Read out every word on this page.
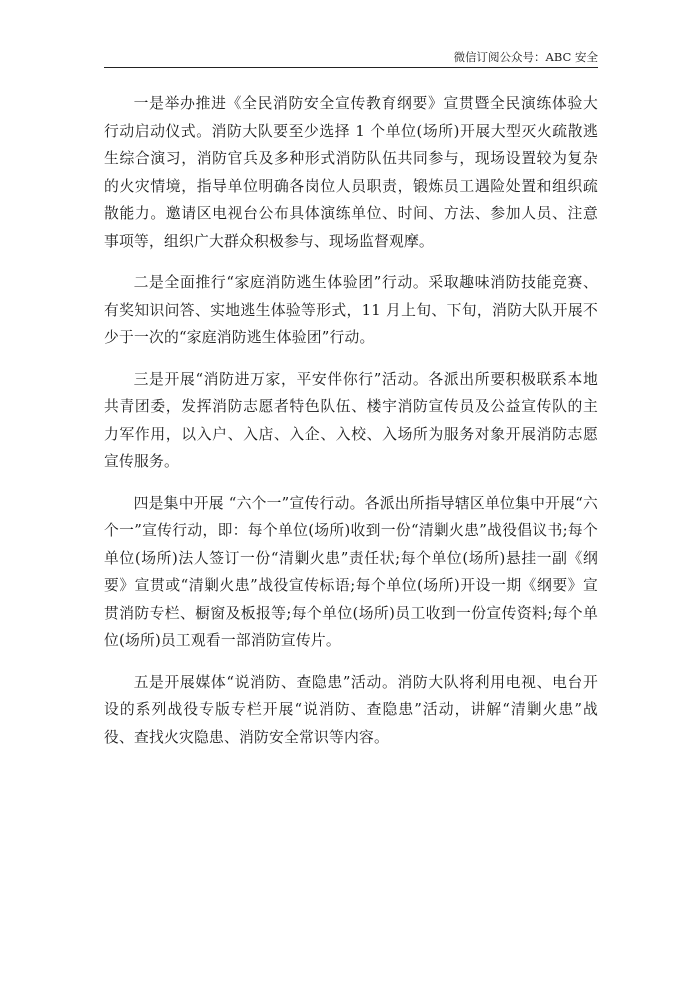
微信订阅公众号：ABC 安全

一是举办推进《全民消防安全宣传教育纲要》宣贯暨全民演练体验大行动启动仪式。消防大队要至少选择 1 个单位(场所)开展大型灭火疏散逃生综合演习，消防官兵及多种形式消防队伍共同参与，现场设置较为复杂的火灾情境，指导单位明确各岗位人员职责，锻炼员工遇险处置和组织疏散能力。邀请区电视台公布具体演练单位、时间、方法、参加人员、注意事项等，组织广大群众积极参与、现场监督观摩。

二是全面推行“家庭消防逃生体验团”行动。采取趣味消防技能竞赛、有奖知识问答、实地逃生体验等形式，11 月上旬、下旬，消防大队开展不少于一次的“家庭消防逃生体验团”行动。

三是开展“消防进万家，平安伴你行”活动。各派出所要积极联系本地共青团委，发挥消防志愿者特色队伍、楼宇消防宣传员及公益宣传队的主力军作用，以入户、入店、入企、入校、入场所为服务对象开展消防志愿宣传服务。

四是集中开展 “六个一”宣传行动。各派出所指导辖区单位集中开展“六个一”宣传行动，即：每个单位(场所)收到一份“清剿火患”战役倡议书;每个单位(场所)法人签订一份“清剿火患”责任状;每个单位(场所)悬挂一副《纲要》宣贯或“清剿火患”战役宣传标语;每个单位(场所)开设一期《纲要》宣贯消防专栏、橱窗及板报等;每个单位(场所)员工收到一份宣传资料;每个单位(场所)员工观看一部消防宣传片。

五是开展媒体“说消防、查隐患”活动。消防大队将利用电视、电台开设的系列战役专版专栏开展“说消防、查隐患”活动，讲解“清剿火患”战役、查找火灾隐患、消防安全常识等内容。
